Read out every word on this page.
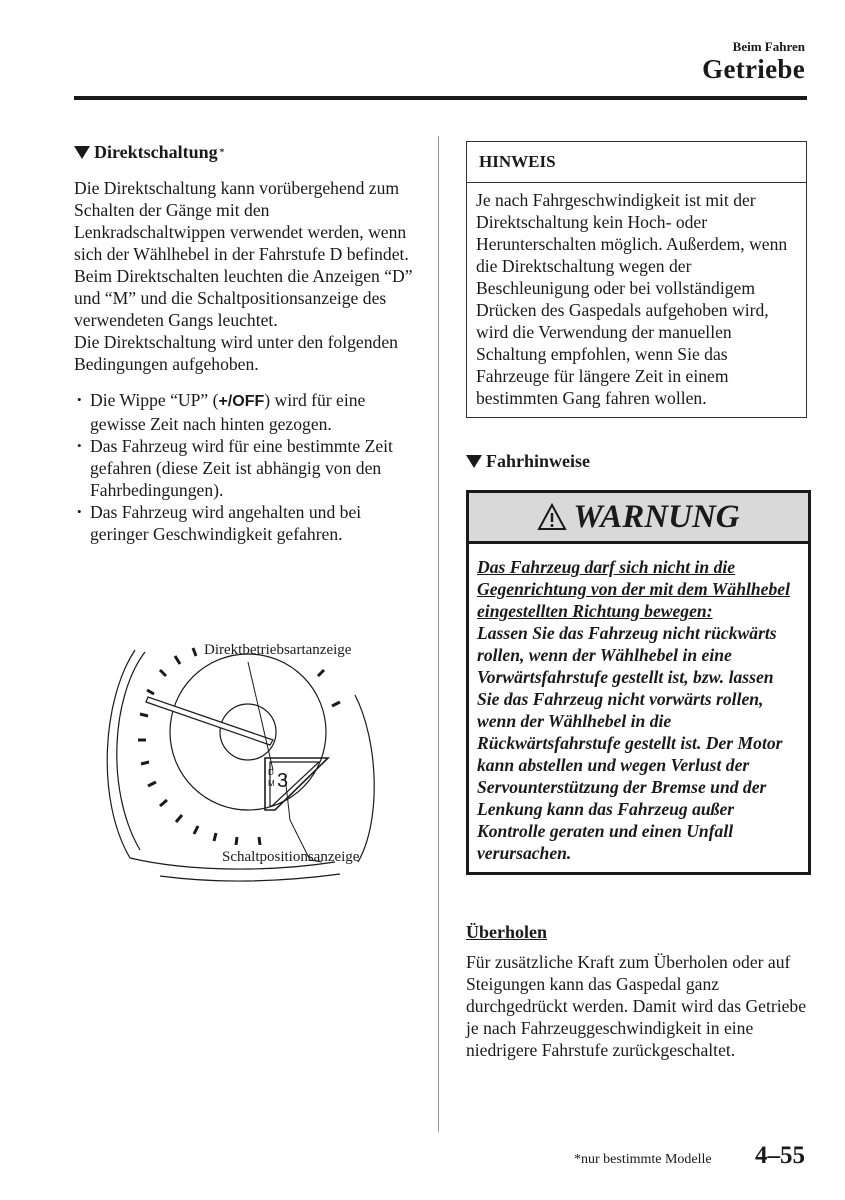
Beim Fahren
Getriebe
Direktschaltung *

Die Direktschaltung kann vorübergehend zum Schalten der Gänge mit den Lenkradschaltwippen verwendet werden, wenn sich der Wählhebel in der Fahrstufe D befindet.

Beim Direktschalten leuchten die Anzeigen “D” und “M” und die Schaltpositionsanzeige des verwendeten Gangs leuchtet.

Die Direktschaltung wird unter den folgenden Bedingungen aufgehoben.

• Die Wippe “UP” (+/OFF) wird für eine gewisse Zeit nach hinten gezogen.
• Das Fahrzeug wird für eine bestimmte Zeit gefahren (diese Zeit ist abhängig von den Fahrbedingungen).
• Das Fahrzeug wird angehalten und bei geringer Geschwindigkeit gefahren.
D
M 3
Direktbetriebsartanzeige
Schaltpositionsanzeige
HINWEIS
Je nach Fahrgeschwindigkeit ist mit der Direktschaltung kein Hoch- oder Herunterschalten möglich. Außerdem, wenn die Direktschaltung wegen der Beschleunigung oder bei vollständigem Drücken des Gaspedals aufgehoben wird, wird die Verwendung der manuellen Schaltung empfohlen, wenn Sie das Fahrzeuge für längere Zeit in einem bestimmten Gang fahren wollen.
Fahrhinweise
WARNUNG
Das Fahrzeug darf sich nicht in die Gegenrichtung von der mit dem Wählhebel eingestellten Richtung bewegen:
Lassen Sie das Fahrzeug nicht rückwärts rollen, wenn der Wählhebel in eine Vorwärtsfahrstufe gestellt ist, bzw. lassen Sie das Fahrzeug nicht vorwärts rollen, wenn der Wählhebel in die Rückwärtsfahrstufe gestellt ist. Der Motor kann abstellen und wegen Verlust der Servounterstützung der Bremse und der Lenkung kann das Fahrzeug außer Kontrolle geraten und einen Unfall verursachen.
Überholen

Für zusätzliche Kraft zum Überholen oder auf Steigungen kann das Gaspedal ganz durchgedrückt werden. Damit wird das Getriebe je nach Fahrzeuggeschwindigkeit in eine niedrigere Fahrstufe zurückgeschaltet.

*nur bestimmte Modelle 4–55
